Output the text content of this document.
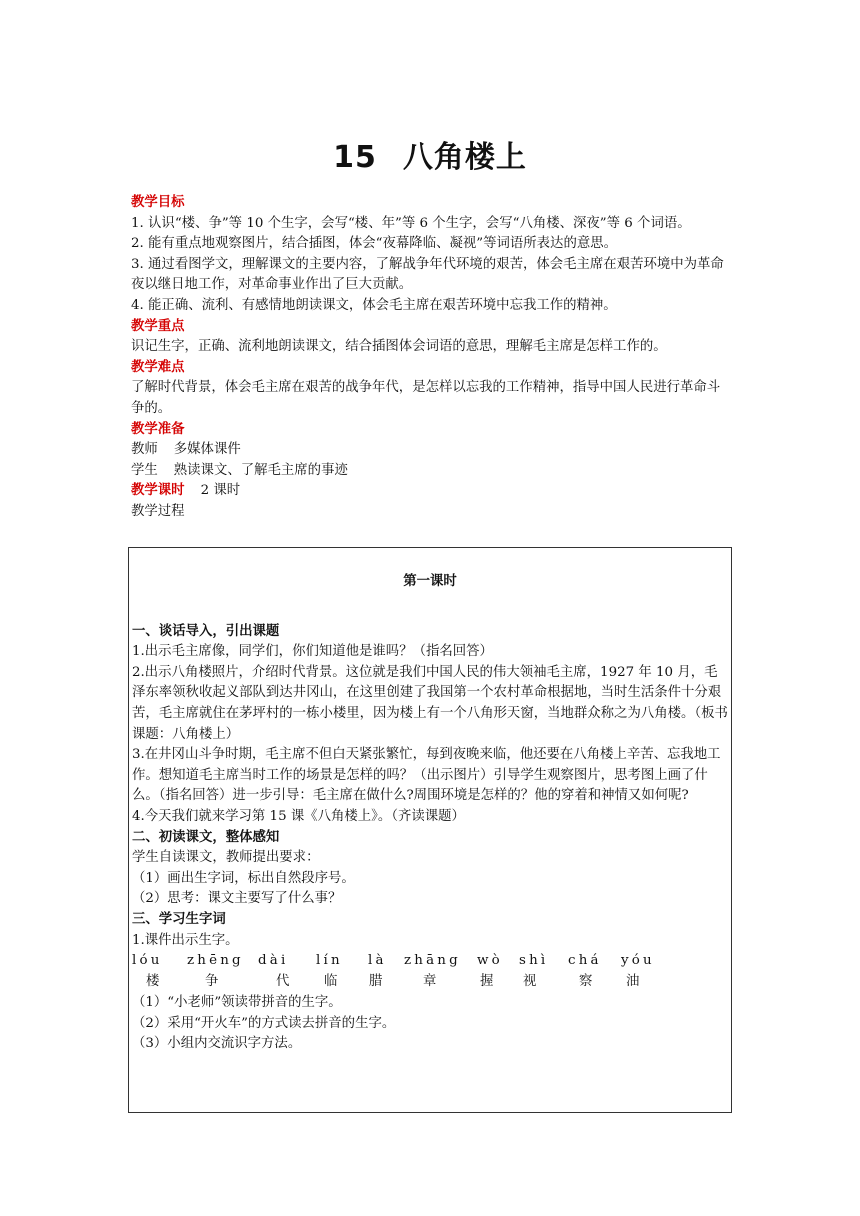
15 八角楼上

教学目标

1. 认识“楼、争”等 10 个生字，会写“楼、年”等 6 个生字，会写“八角楼、深夜”等 6 个词语。

2. 能有重点地观察图片，结合插图，体会“夜幕降临、凝视”等词语所表达的意思。

3. 通过看图学文，理解课文的主要内容，了解战争年代环境的艰苦，体会毛主席在艰苦环境中为革命夜以继日地工作，对革命事业作出了巨大贡献。

4. 能正确、流利、有感情地朗读课文，体会毛主席在艰苦环境中忘我工作的精神。

教学重点

识记生字，正确、流利地朗读课文，结合插图体会词语的意思，理解毛主席是怎样工作的。

教学难点

了解时代背景，体会毛主席在艰苦的战争年代，是怎样以忘我的工作精神，指导中国人民进行革命斗争的。

教学准备

教师 多媒体课件

学生 熟读课文、了解毛主席的事迹

教学课时 2 课时

教学过程

第一课时

一、谈话导入，引出课题

1.出示毛主席像，同学们，你们知道他是谁吗？（指名回答）

2.出示八角楼照片，介绍时代背景。这位就是我们中国人民的伟大领袖毛主席，1927 年 10 月，毛泽东率领秋收起义部队到达井冈山，在这里创建了我国第一个农村革命根据地，当时生活条件十分艰苦，毛主席就住在茅坪村的一栋小楼里，因为楼上有一个八角形天窗，当地群众称之为八角楼。（板书课题：八角楼上）

3.在井冈山斗争时期，毛主席不但白天紧张繁忙，每到夜晚来临，他还要在八角楼上辛苦、忘我地工作。想知道毛主席当时工作的场景是怎样的吗？（出示图片）引导学生观察图片，思考图上画了什么。（指名回答）进一步引导：毛主席在做什么?周围环境是怎样的？他的穿着和神情又如何呢?

4.今天我们就来学习第 15 课《八角楼上》。（齐读课题）

二、初读课文，整体感知

学生自读课文，教师提出要求：

（1）画出生字词，标出自然段序号。

（2）思考：课文主要写了什么事？

三、学习生字词

1.课件出示生字。

lóu zhēng dài lín là zhāng wò shì chá yóu
楼	争	代	临 腊	章	握 视	察	油

（1）“小老师”领读带拼音的生字。

（2）采用“开火车”的方式读去拼音的生字。

（3）小组内交流识字方法。
